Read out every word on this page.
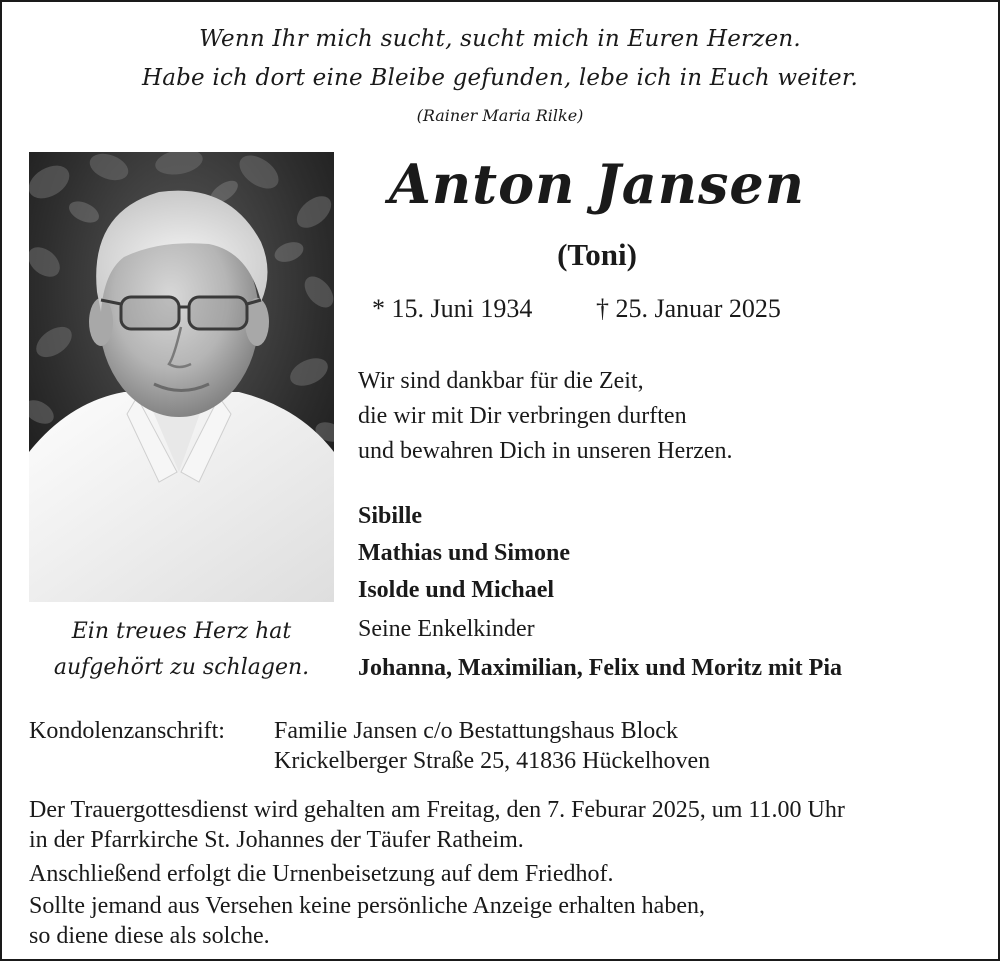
Wenn Ihr mich sucht, sucht mich in Euren Herzen.
Habe ich dort eine Bleibe gefunden, lebe ich in Euch weiter.
(Rainer Maria Rilke)
Ein treues Herz hat
aufgehört zu schlagen.
Anton Jansen
(Toni)
* 15. Juni 1934 † 25. Januar 2025
Wir sind dankbar für die Zeit,
die wir mit Dir verbringen durften
und bewahren Dich in unseren Herzen.
Sibille
Mathias und Simone
Isolde und Michael
Seine Enkelkinder
Johanna, Maximilian, Felix und Moritz mit Pia
Kondolenzanschrift: Familie Jansen c/o Bestattungshaus Block
Krickelberger Straße 25, 41836 Hückelhoven
Der Trauergottesdienst wird gehalten am Freitag, den 7. Feburar 2025, um 11.00 Uhr
in der Pfarrkirche St. Johannes der Täufer Ratheim.
Anschließend erfolgt die Urnenbeisetzung auf dem Friedhof.
Sollte jemand aus Versehen keine persönliche Anzeige erhalten haben,
so diene diese als solche.
